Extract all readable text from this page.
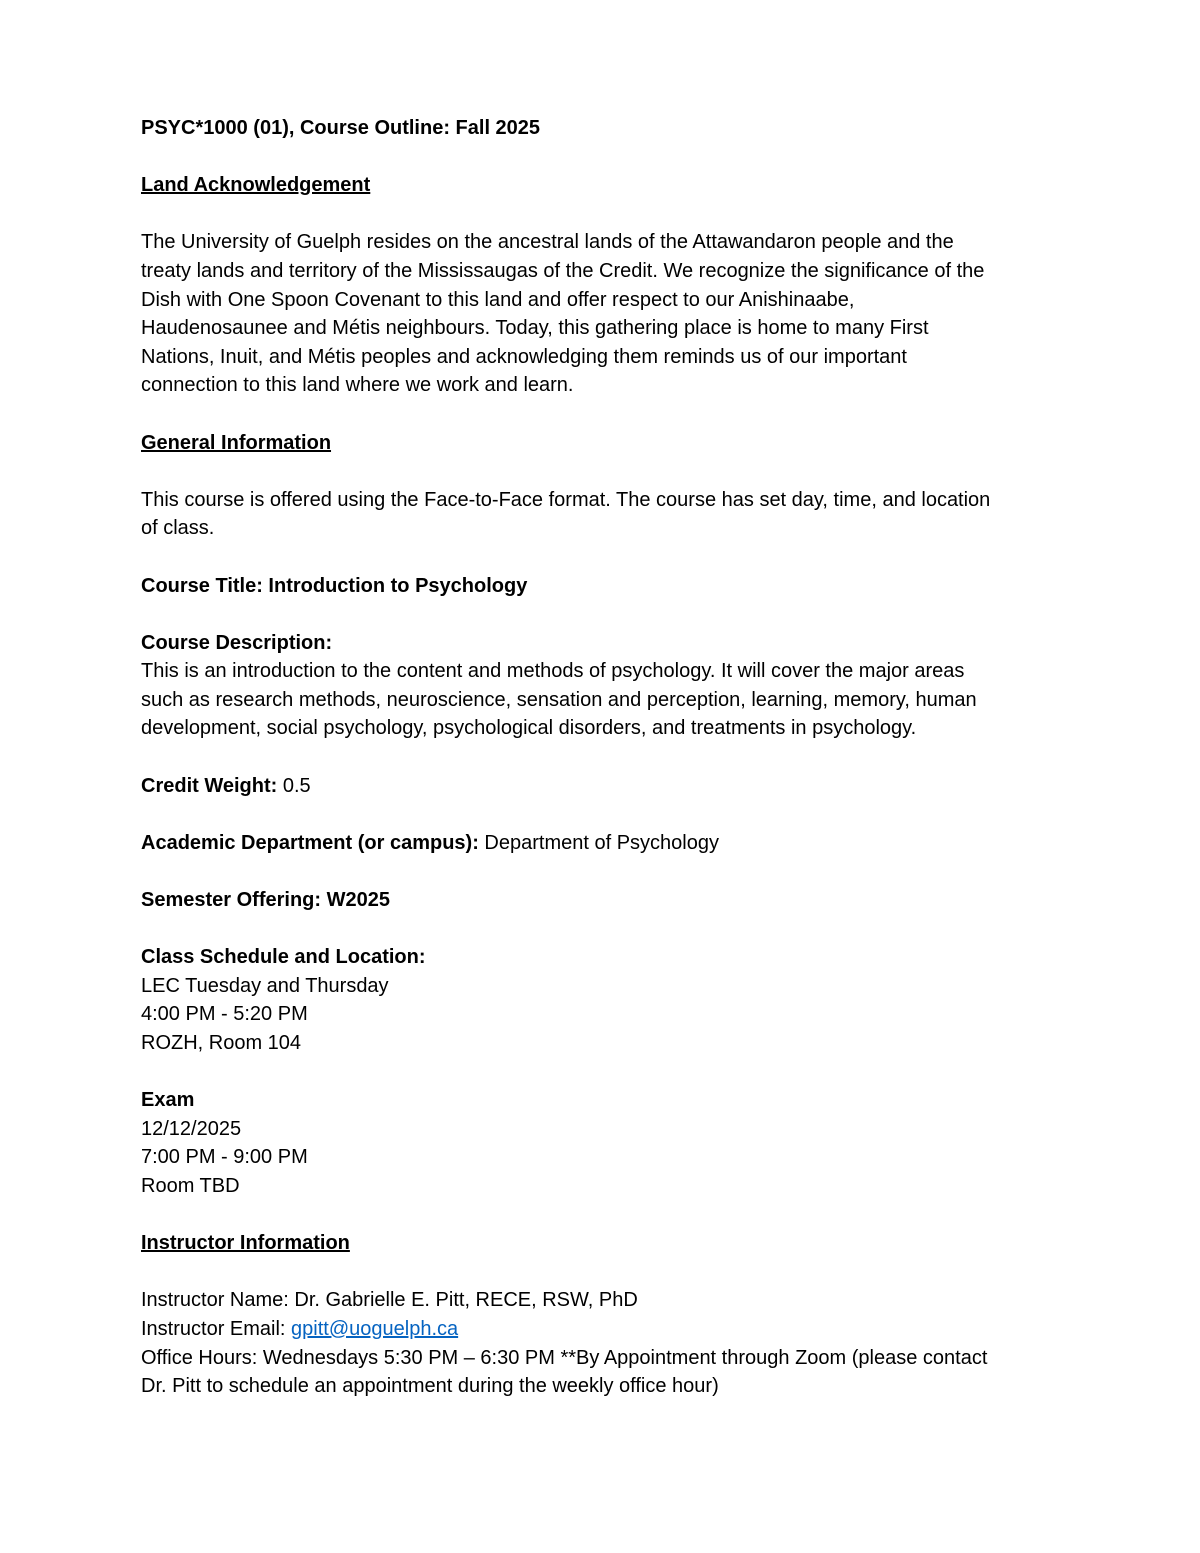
PSYC*1000 (01), Course Outline: Fall 2025
Land Acknowledgement
The University of Guelph resides on the ancestral lands of the Attawandaron people and the
treaty lands and territory of the Mississaugas of the Credit. We recognize the significance of the
Dish with One Spoon Covenant to this land and offer respect to our Anishinaabe,
Haudenosaunee and Métis neighbours. Today, this gathering place is home to many First
Nations, Inuit, and Métis peoples and acknowledging them reminds us of our important
connection to this land where we work and learn.
General Information
This course is offered using the Face-to-Face format. The course has set day, time, and location
of class.
Course Title: Introduction to Psychology
Course Description:
This is an introduction to the content and methods of psychology. It will cover the major areas
such as research methods, neuroscience, sensation and perception, learning, memory, human
development, social psychology, psychological disorders, and treatments in psychology.
Credit Weight: 0.5
Academic Department (or campus): Department of Psychology
Semester Offering: W2025
Class Schedule and Location:
LEC Tuesday and Thursday
4:00 PM - 5:20 PM
ROZH, Room 104
Exam
12/12/2025
7:00 PM - 9:00 PM
Room TBD
Instructor Information
Instructor Name: Dr. Gabrielle E. Pitt, RECE, RSW, PhD
Instructor Email: gpitt@uoguelph.ca
Office Hours: Wednesdays 5:30 PM – 6:30 PM **By Appointment through Zoom (please contact
Dr. Pitt to schedule an appointment during the weekly office hour)
